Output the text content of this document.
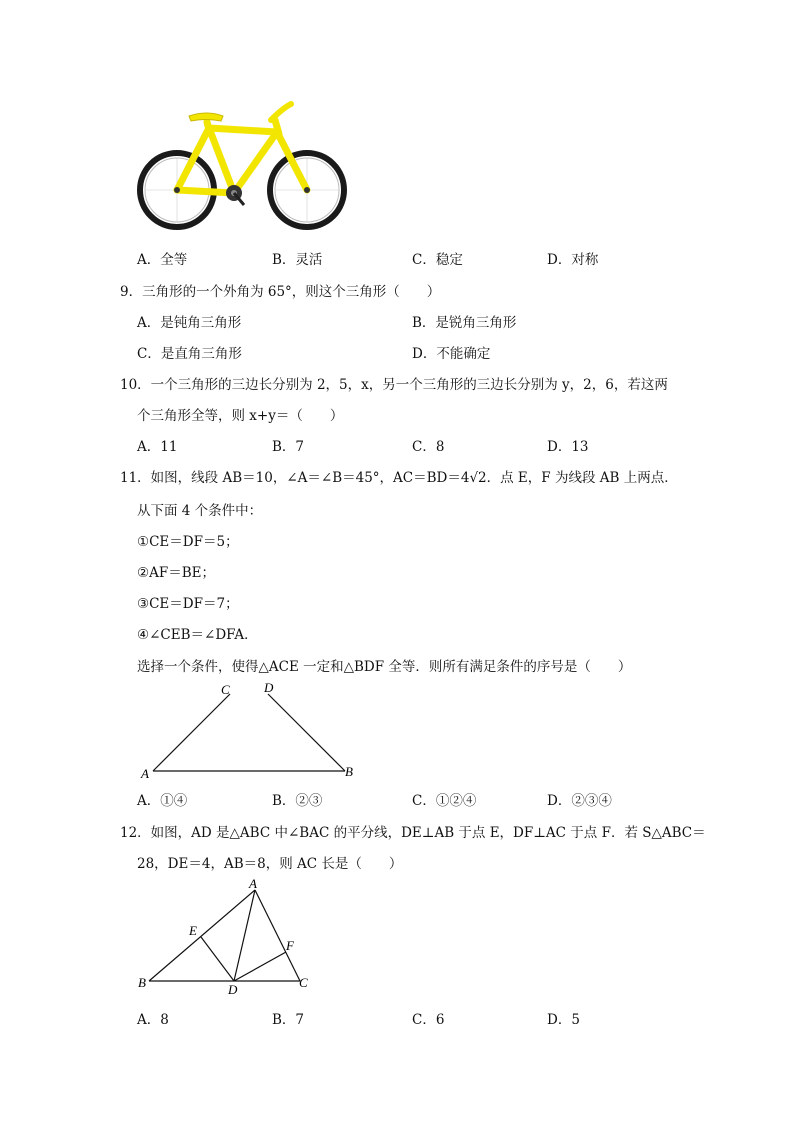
A．全等	B．灵活	C．稳定	D．对称
9．三角形的一个外角为 65°，则这个三角形（　　）
A．是钝角三角形	B．是锐角三角形
C．是直角三角形	D．不能确定
10．一个三角形的三边长分别为 2，5，x，另一个三角形的三边长分别为 y，2，6，若这两
个三角形全等，则 x+y＝（　　）
A．11	B．7	C．8	D．13
11．如图，线段 AB＝10，∠A＝∠B＝45°，AC＝BD＝4√2．点 E，F 为线段 AB 上两点．
从下面 4 个条件中：
①CE＝DF＝5；
②AF＝BE；
③CE＝DF＝7；
④∠CEB＝∠DFA．
选择一个条件，使得△ACE 一定和△BDF 全等．则所有满足条件的序号是（　　）
A	B
C	D
A．①④	B．②③	C．①②④	D．②③④
12．如图，AD 是△ABC 中∠BAC 的平分线，DE⊥AB 于点 E，DF⊥AC 于点 F．若 S△ABC＝
28，DE＝4，AB＝8，则 AC 长是（　　）
A
B	C
D
E
F
A．8	B．7	C．6	D．5
